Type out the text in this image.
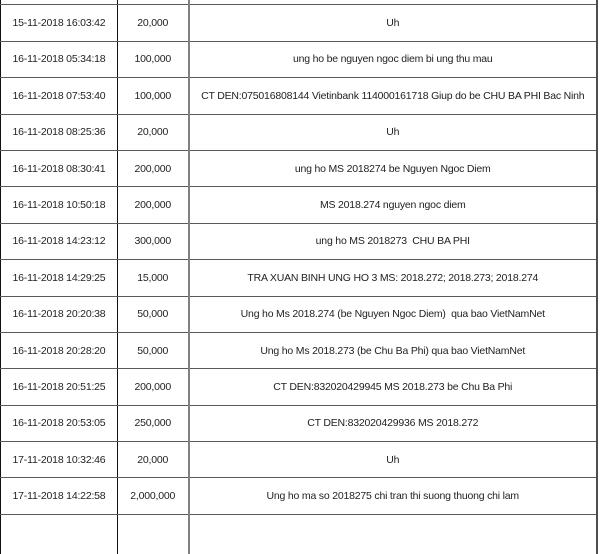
15-11-2018 16:03:42	20,000	Uh
16-11-2018 05:34:18	100,000	ung ho be nguyen ngoc diem bi ung thu mau
16-11-2018 07:53:40	100,000	CT DEN:075016808144 Vietinbank 114000161718 Giup do be CHU BA PHI Bac Ninh
16-11-2018 08:25:36	20,000	Uh
16-11-2018 08:30:41	200,000	ung ho MS 2018274 be Nguyen Ngoc Diem
16-11-2018 10:50:18	200,000	MS 2018.274 nguyen ngoc diem
16-11-2018 14:23:12	300,000	ung ho MS 2018273  CHU BA PHI
16-11-2018 14:29:25	15,000	TRA XUAN BINH UNG HO 3 MS: 2018.272; 2018.273; 2018.274
16-11-2018 20:20:38	50,000	Ung ho Ms 2018.274 (be Nguyen Ngoc Diem)  qua bao VietNamNet
16-11-2018 20:28:20	50,000	Ung ho Ms 2018.273 (be Chu Ba Phi) qua bao VietNamNet
16-11-2018 20:51:25	200,000	CT DEN:832020429945 MS 2018.273 be Chu Ba Phi
16-11-2018 20:53:05	250,000	CT DEN:832020429936 MS 2018.272
17-11-2018 10:32:46	20,000	Uh
17-11-2018 14:22:58	2,000,000	Ung ho ma so 2018275 chi tran thi suong thuong chi lam
